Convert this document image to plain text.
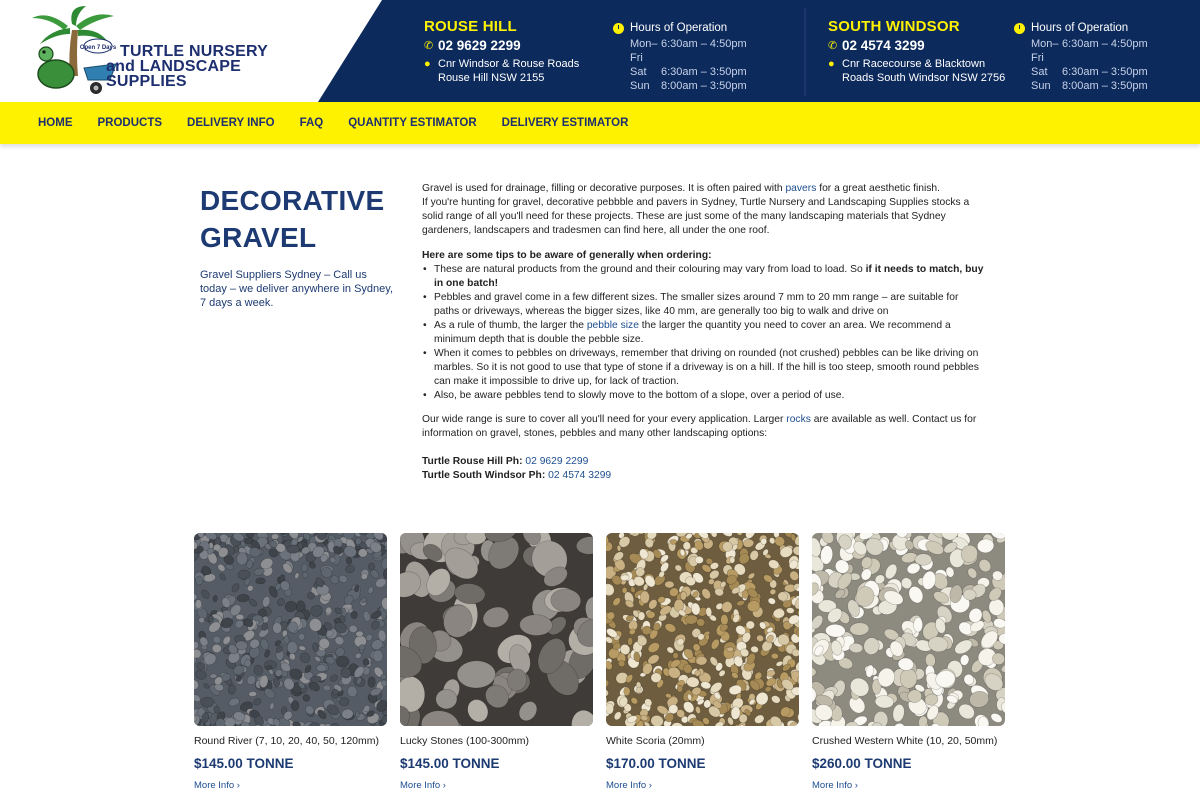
Open 7 Days TURTLE NURSERY
and LANDSCAPE SUPPLIES
ROUSE HILL
✆ 02 9629 2299
● Cnr Windsor & Rouse Roads
Rouse Hill NSW 2155
Hours of Operation
Mon–Fri
6:30am – 4:50pm
Sat	6:30am – 3:50pm
Sun	8:00am – 3:50pm
SOUTH WINDSOR
✆ 02 4574 3299
● Cnr Racecourse & Blacktown
Roads South Windsor NSW 2756
Hours of Operation
Mon–Fri
6:30am – 4:50pm
Sat	6:30am – 3:50pm
Sun	8:00am – 3:50pm
HOME PRODUCTS DELIVERY INFO FAQ QUANTITY ESTIMATOR DELIVERY ESTIMATOR
DECORATIVE
GRAVEL
Gravel Suppliers Sydney – Call us today – we deliver anywhere in Sydney, 7 days a week.

Gravel is used for drainage, filling or decorative purposes. It is often paired with pavers for a great aesthetic finish.

If you're hunting for gravel, decorative pebbble and pavers in Sydney, Turtle Nursery and Landscaping Supplies stocks a solid range of all you'll need for these projects. These are just some of the many landscaping materials that Sydney gardeners, landscapers and tradesmen can find here, all under the one roof.

Here are some tips to be aware of generally when ordering:

• These are natural products from the ground and their colouring may vary from load to load. So if it needs to match, buy in one batch!
• Pebbles and gravel come in a few different sizes. The smaller sizes around 7 mm to 20 mm range – are suitable for paths or driveways, whereas the bigger sizes, like 40 mm, are generally too big to walk and drive on
• As a rule of thumb, the larger the pebble size the larger the quantity you need to cover an area. We recommend a minimum depth that is double the pebble size.
• When it comes to pebbles on driveways, remember that driving on rounded (not crushed) pebbles can be like driving on marbles. So it is not good to use that type of stone if a driveway is on a hill. If the hill is too steep, smooth round pebbles can make it impossible to drive up, for lack of traction.
• Also, be aware pebbles tend to slowly move to the bottom of a slope, over a period of use.

Our wide range is sure to cover all you'll need for your every application. Larger rocks are available as well. Contact us for information on gravel, stones, pebbles and many other landscaping options:

Turtle Rouse Hill Ph: 02 9629 2299

Turtle South Windsor Ph: 02 4574 3299

Round River (7, 10, 20, 40, 50, 120mm)
$145.00 TONNE
More Info ›
Lucky Stones (100-300mm)
$145.00 TONNE
More Info ›
White Scoria (20mm)
$170.00 TONNE
More Info ›
Crushed Western White (10, 20, 50mm)
$260.00 TONNE
More Info ›
